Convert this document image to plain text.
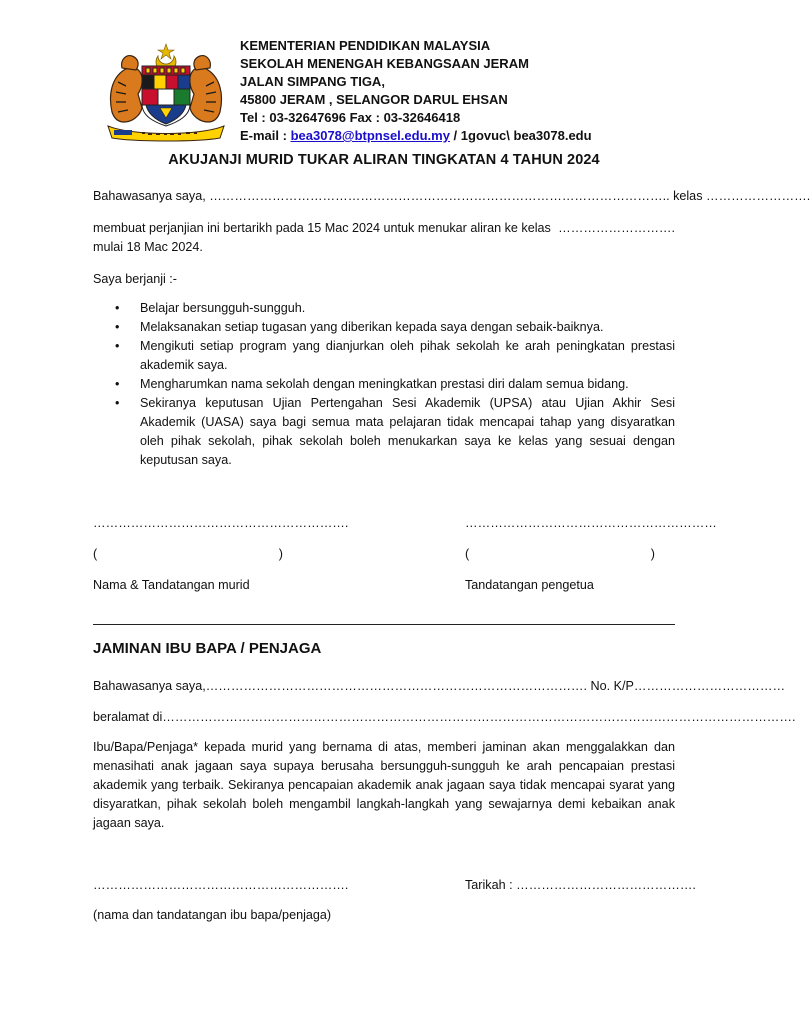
KEMENTERIAN PENDIDIKAN MALAYSIA
SEKOLAH MENENGAH KEBANGSAAN JERAM
JALAN SIMPANG TIGA,
45800 JERAM , SELANGOR DARUL EHSAN
Tel : 03-32647696 Fax : 03-32646418
E-mail : bea3078@btpnsel.edu.my / 1govuc\ bea3078.edu
AKUJANJI MURID TUKAR ALIRAN TINGKATAN 4 TAHUN 2024
Bahawasanya saya, ……………………………………………………………………………………………….. kelas …………………….
membuat perjanjian ini bertarikh pada 15 Mac 2024 untuk menukar aliran ke kelas ……………………….
mulai 18 Mac 2024.
Saya berjanji :-
• Belajar bersungguh-sungguh.
• Melaksanakan setiap tugasan yang diberikan kepada saya dengan sebaik-baiknya.
• Mengikuti setiap program yang dianjurkan oleh pihak sekolah ke arah peningkatan prestasi akademik saya.
• Mengharumkan nama sekolah dengan meningkatkan prestasi diri dalam semua bidang.
• Sekiranya keputusan Ujian Pertengahan Sesi Akademik (UPSA) atau Ujian Akhir Sesi Akademik (UASA) saya bagi semua mata pelajaran tidak mencapai tahap yang disyaratkan oleh pihak sekolah, pihak sekolah boleh menukarkan saya ke kelas yang sesuai dengan keputusan saya.
…………………………………………………….	……………………………………………………
(	)	(	)
Nama & Tandatangan murid	Tandatangan pengetua
JAMINAN IBU BAPA / PENJAGA
Bahawasanya saya,………………………………………………………………………………. No. K/P………………………………
beralamat di…………………………………………………………………………………………………………………………………….
Ibu/Bapa/Penjaga* kepada murid yang bernama di atas, memberi jaminan akan menggalakkan dan menasihati anak jagaan saya supaya berusaha bersungguh-sungguh ke arah pencapaian prestasi akademik yang terbaik. Sekiranya pencapaian akademik anak jagaan saya tidak mencapai syarat yang disyaratkan, pihak sekolah boleh mengambil langkah-langkah yang sewajarnya demi kebaikan anak jagaan saya.
…………………………………………………….	Tarikah : …………………………………….
(nama dan tandatangan ibu bapa/penjaga)
